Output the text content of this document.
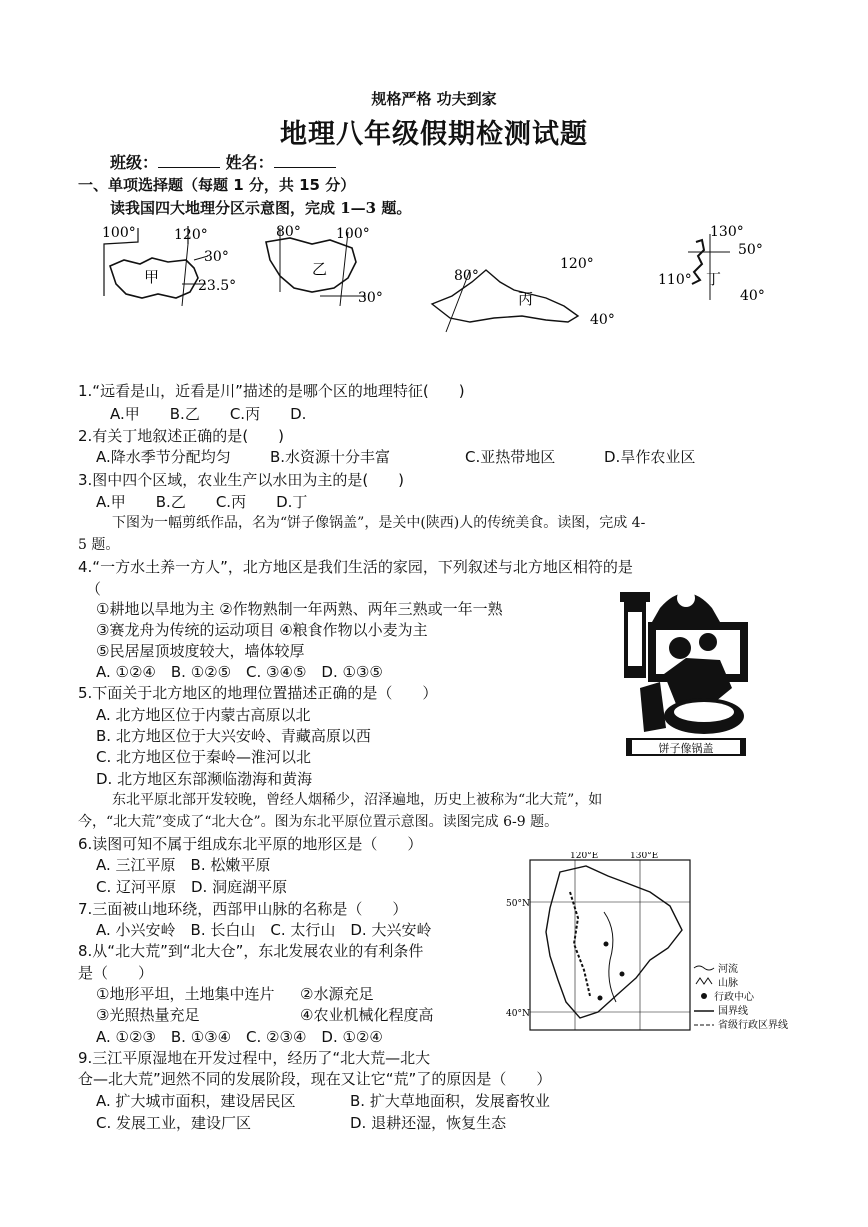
规格严格 功夫到家
地理八年级假期检测试题
班级：	姓名：
一、单项选择题（每题 1 分，共 15 分）
读我国四大地理分区示意图，完成 1—3 题。
100°	120°
30°
23.5°
甲
80°	100°
30°
乙	80°
120°
40°
丙
130°
50°
110°
40°
丁
1.“远看是山，近看是川”描述的是哪个区的地理特征(　　)
A.甲　　B.乙　　C.丙　　D.
2.有关丁地叙述正确的是(　　)
A.降水季节分配均匀	B.水资源十分丰富	C.亚热带地区	D.旱作农业区
3.图中四个区域，农业生产以水田为主的是(　　)
A.甲　　B.乙　　C.丙　　D.丁
下图为一幅剪纸作品，名为“饼子像锅盖”，是关中(陕西)人的传统美食。读图，完成 4-
5 题。
4.“一方水土养一方人”，北方地区是我们生活的家园，下列叙述与北方地区相符的是
（
①耕地以旱地为主 ②作物熟制一年两熟、两年三熟或一年一熟
③赛龙舟为传统的运动项目 ④粮食作物以小麦为主
⑤民居屋顶坡度较大，墙体较厚
A. ①②④　B. ①②⑤　C. ③④⑤　D. ①③⑤
5.下面关于北方地区的地理位置描述正确的是（　　）
A. 北方地区位于内蒙古高原以北
B. 北方地区位于大兴安岭、青藏高原以西
C. 北方地区位于秦岭—淮河以北
D. 北方地区东部濒临渤海和黄海
饼子像锅盖
东北平原北部开发较晚，曾经人烟稀少，沼泽遍地，历史上被称为“北大荒”，如
今，“北大荒”变成了“北大仓”。图为东北平原位置示意图。读图完成 6-9 题。
6.读图可知不属于组成东北平原的地形区是（　　）
A. 三江平原　B. 松嫩平原
C. 辽河平原　D. 洞庭湖平原
7.三面被山地环绕，西部甲山脉的名称是（　　）
A. 小兴安岭　B. 长白山　C. 太行山　D. 大兴安岭
8.从“北大荒”到“北大仓”，东北发展农业的有利条件
是（　　）
①地形平坦，土地集中连片 ②水源充足
③光照热量充足	④农业机械化程度高
A. ①②③　B. ①③④　C. ②③④　D. ①②④
120°E	130°E
50°N
40°N
河流
山脉
行政中心
国界线
省级行政区界线
9.三江平原湿地在开发过程中，经历了“北大荒—北大
仓—北大荒”迥然不同的发展阶段，现在又让它“荒”了的原因是（　　）
A. 扩大城市面积，建设居民区	B. 扩大草地面积，发展畜牧业
C. 发展工业，建设厂区	D. 退耕还湿，恢复生态
